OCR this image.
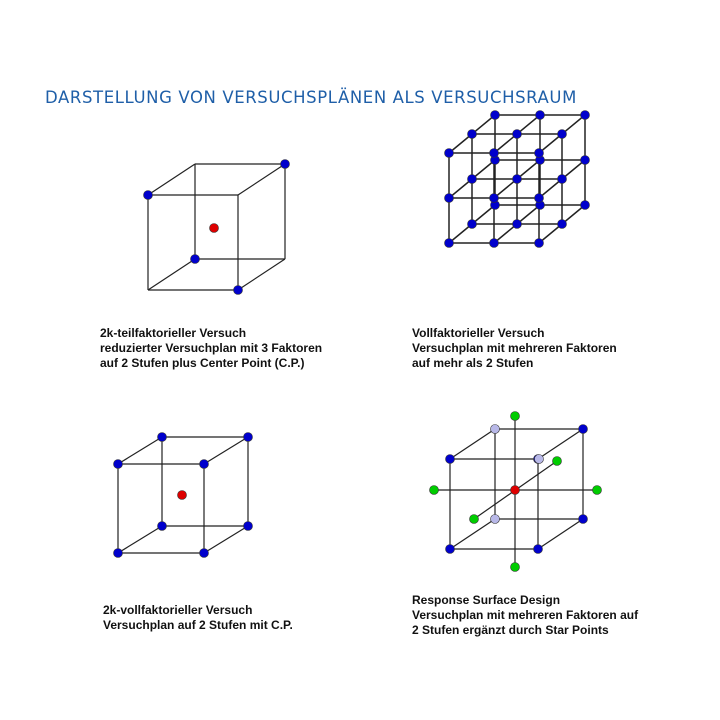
DARSTELLUNG VON VERSUCHSPLÄNEN ALS VERSUCHSRAUM
2k-teilfaktorieller Versuch
reduzierter Versuchplan mit 3 Faktoren
auf 2 Stufen plus Center Point (C.P.)
Vollfaktorieller Versuch
Versuchplan mit mehreren Faktoren
auf mehr als 2 Stufen
2k-vollfaktorieller Versuch
Versuchplan auf 2 Stufen mit C.P.
Response Surface Design
Versuchplan mit mehreren Faktoren auf
2 Stufen ergänzt durch Star Points
